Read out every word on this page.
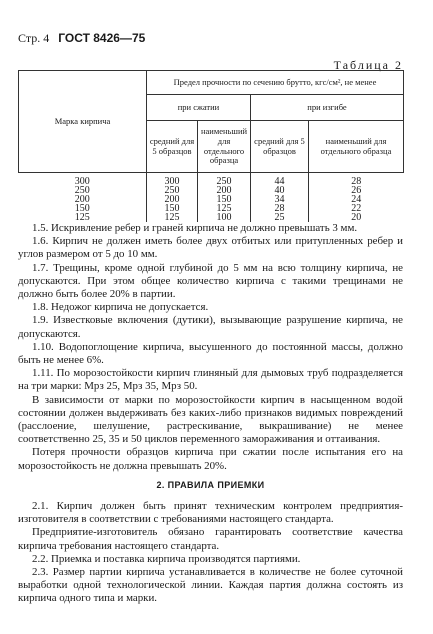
Стр. 4 ГОСТ 8426—75
Таблица 2
Марка кирпича	Предел прочности по сечению брутто, кгс/см², не менее			
	при сжатии		при изгибе	
	средний для 5 образцов	наименьший для отдельного образца	средний для 5 образцов	наименьший для отдельного образца
300	300	250	44	28
250	250	200	40	26
200	200	150	34	24
150	150	125	28	22
125	125	100	25	20

1.5. Искривление ребер и граней кирпича не должно превышать 3 мм.

1.6. Кирпич не должен иметь более двух отбитых или притупленных ребер и углов размером от 5 до 10 мм.

1.7. Трещины, кроме одной глубиной до 5 мм на всю толщину кирпича, не допускаются. При этом общее количество кирпича с такими трещинами не должно быть более 20% в партии.

1.8. Недожог кирпича не допускается.

1.9. Известковые включения (дутики), вызывающие разрушение кирпича, не допускаются.

1.10. Водопоглощение кирпича, высушенного до постоянной массы, должно быть не менее 6%.

1.11. По морозостойкости кирпич глиняный для дымовых труб подразделяется на три марки: Мрз 25, Мрз 35, Мрз 50.

В зависимости от марки по морозостойкости кирпич в насыщенном водой состоянии должен выдерживать без каких-либо признаков видимых повреждений (расслоение, шелушение, растрескивание, выкрашивание) не менее соответственно 25, 35 и 50 циклов переменного замораживания и оттаивания.

Потеря прочности образцов кирпича при сжатии после испытания его на морозостойкость не должна превышать 20%.

2. ПРАВИЛА ПРИЕМКИ

2.1. Кирпич должен быть принят техническим контролем предприятия-изготовителя в соответствии с требованиями настоящего стандарта.

Предприятие-изготовитель обязано гарантировать соответствие качества кирпича требования настоящего стандарта.

2.2. Приемка и поставка кирпича производятся партиями.

2.3. Размер партии кирпича устанавливается в количестве не более суточной выработки одной технологической линии. Каждая партия должна состоять из кирпича одного типа и марки.
